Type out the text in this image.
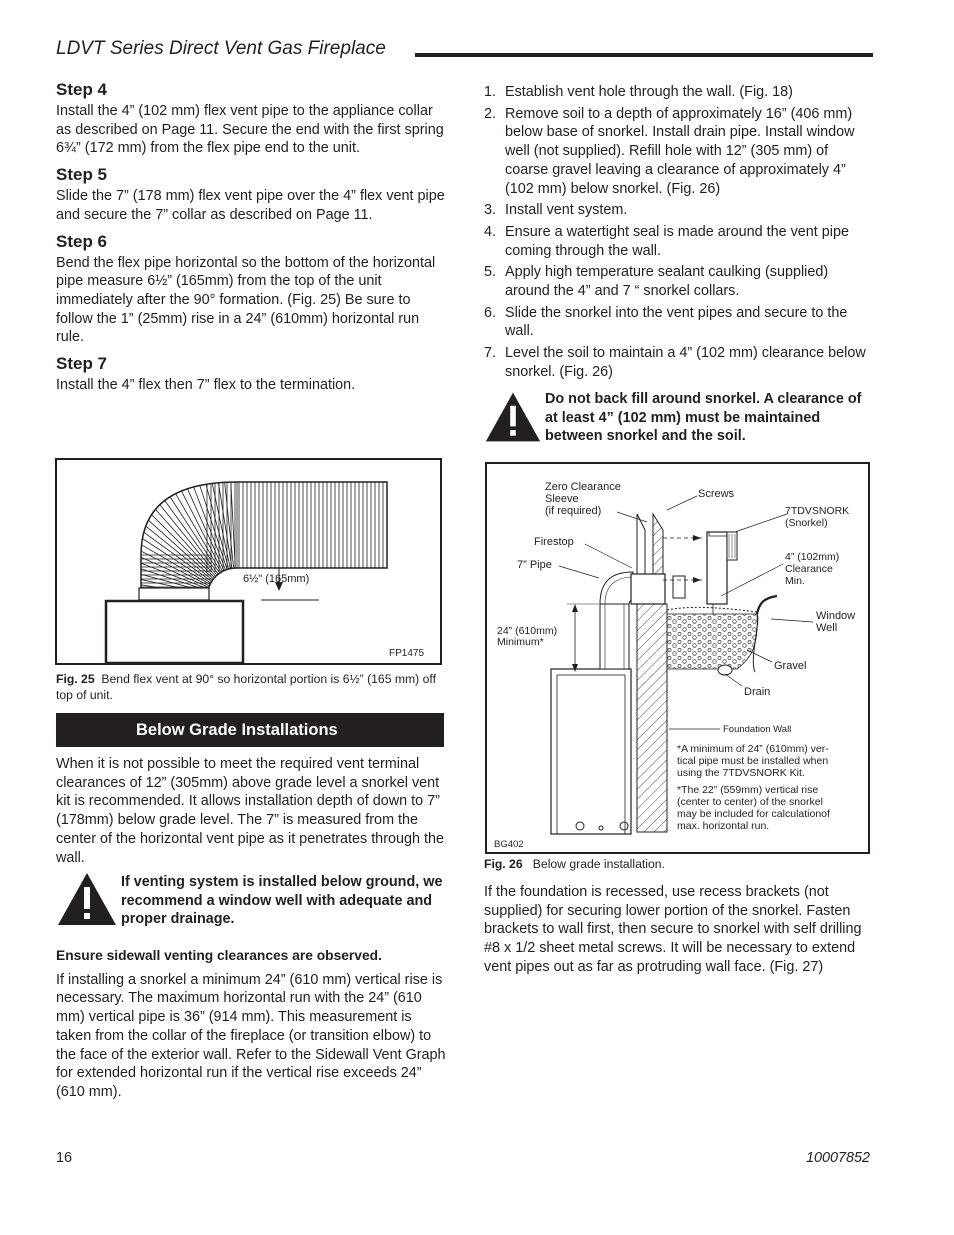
LDVT Series Direct Vent Gas Fireplace
Step 4

Install the 4” (102 mm) flex vent pipe to the appliance collar as described on Page 11. Secure the end with the first spring 6¾” (172 mm) from the flex pipe end to the unit.

Step 5

Slide the 7” (178 mm) flex vent pipe over the 4” flex vent pipe and secure the 7” collar as described on Page 11.

Step 6

Bend the flex pipe horizontal so the bottom of the horizontal pipe measure 6½” (165mm) from the top of the unit immediately after the 90° formation. (Fig. 25) Be sure to follow the 1” (25mm) rise in a 24” (610mm) horizontal run rule.

Step 7

Install the 4” flex then 7” flex to the termination.

6½" (165mm)
FP1475
Fig. 25 Bend flex vent at 90° so horizontal portion is 6½” (165 mm) off top of unit.
Below Grade Installations

When it is not possible to meet the required vent terminal clearances of 12” (305mm) above grade level a snorkel vent kit is recommended. It allows installation depth of down to 7” (178mm) below grade level. The 7” is measured from the center of the horizontal vent pipe as it penetrates through the wall.

If venting system is installed below ground, we recommend a window well with adequate and proper drainage.

Ensure sidewall venting clearances are observed.

If installing a snorkel a minimum 24” (610 mm) vertical rise is necessary. The maximum horizontal run with the 24” (610 mm) vertical pipe is 36” (914 mm). This measurement is taken from the collar of the fireplace (or transition elbow) to the face of the exterior wall. Refer to the Sidewall Vent Graph for extended horizontal run if the vertical rise exceeds 24” (610 mm).

1. Establish vent hole through the wall. (Fig. 18)
2. Remove soil to a depth of approximately 16” (406 mm) below base of snorkel. Install drain pipe. Install window well (not supplied). Refill hole with 12” (305 mm) of coarse gravel leaving a clearance of approximately 4” (102 mm) below snorkel. (Fig. 26)
3. Install vent system.
4. Ensure a watertight seal is made around the vent pipe coming through the wall.
5. Apply high temperature sealant caulking (supplied) around the 4” and 7 “ snorkel collars.
6. Slide the snorkel into the vent pipes and secure to the wall.
7. Level the soil to maintain a 4” (102 mm) clearance below snorkel. (Fig. 26)
Do not back fill around snorkel. A clearance of at least 4” (102 mm) must be maintained between snorkel and the soil.
Zero Clearance
Sleeve
(if required)
Screws
7TDVSNORK
(Snorkel)
Firestop
7” Pipe
4” (102mm)
Clearance
Min.
Window
Well
24” (610mm)
Minimum*
Gravel
Drain
Foundation Wall
*A minimum of 24” (610mm) ver-
tical pipe must be installed when
using the 7TDVSNORK Kit.
*The 22” (559mm) vertical rise
(center to center) of the snorkel
may be included for calculationof
max. horizontal run.
BG402
Fig. 26 Below grade installation.

If the foundation is recessed, use recess brackets (not supplied) for securing lower portion of the snorkel. Fasten brackets to wall first, then secure to snorkel with self drilling #8 x 1/2 sheet metal screws. It will be necessary to extend vent pipes out as far as protruding wall face. (Fig. 27)

16	10007852
